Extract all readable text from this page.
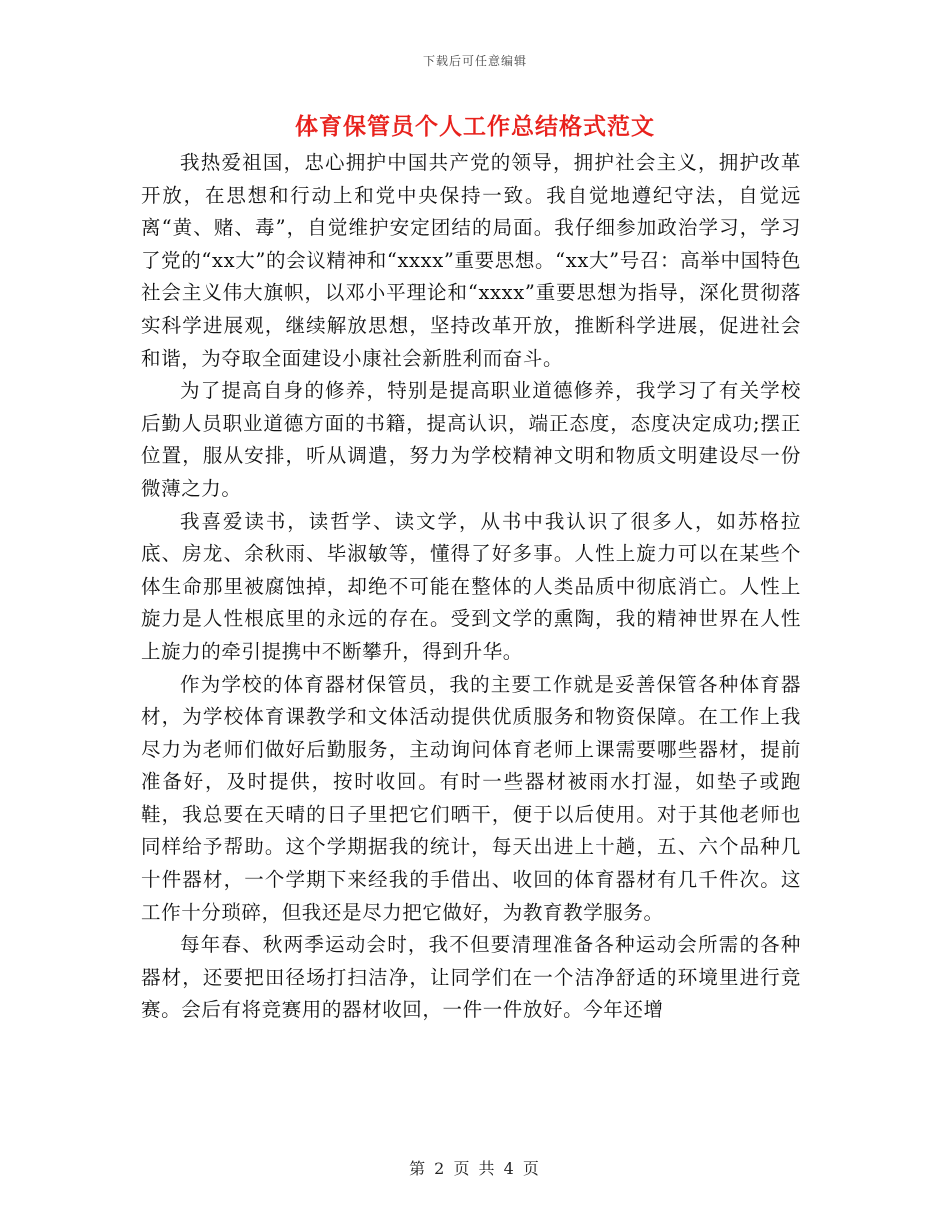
下载后可任意编辑
体育保管员个人工作总结格式范文

我热爱祖国，忠心拥护中国共产党的领导，拥护社会主义，拥护改革开放，在思想和行动上和党中央保持一致。我自觉地遵纪守法，自觉远离“黄、赌、毒”，自觉维护安定团结的局面。我仔细参加政治学习，学习了党的“xx大”的会议精神和“xxxx”重要思想。“xx大”号召：高举中国特色社会主义伟大旗帜，以邓小平理论和“xxxx”重要思想为指导，深化贯彻落实科学进展观，继续解放思想，坚持改革开放，推断科学进展，促进社会和谐，为夺取全面建设小康社会新胜利而奋斗。

为了提高自身的修养，特别是提高职业道德修养，我学习了有关学校后勤人员职业道德方面的书籍，提高认识，端正态度，态度决定成功;摆正位置，服从安排，听从调遣，努力为学校精神文明和物质文明建设尽一份微薄之力。

我喜爱读书，读哲学、读文学，从书中我认识了很多人，如苏格拉底、房龙、余秋雨、毕淑敏等，懂得了好多事。人性上旋力可以在某些个体生命那里被腐蚀掉，却绝不可能在整体的人类品质中彻底消亡。人性上旋力是人性根底里的永远的存在。受到文学的熏陶，我的精神世界在人性上旋力的牵引提携中不断攀升，得到升华。

作为学校的体育器材保管员，我的主要工作就是妥善保管各种体育器材，为学校体育课教学和文体活动提供优质服务和物资保障。在工作上我尽力为老师们做好后勤服务，主动询问体育老师上课需要哪些器材，提前准备好，及时提供，按时收回。有时一些器材被雨水打湿，如垫子或跑鞋，我总要在天晴的日子里把它们晒干，便于以后使用。对于其他老师也同样给予帮助。这个学期据我的统计，每天出进上十趟，五、六个品种几十件器材，一个学期下来经我的手借出、收回的体育器材有几千件次。这工作十分琐碎，但我还是尽力把它做好，为教育教学服务。

每年春、秋两季运动会时，我不但要清理准备各种运动会所需的各种器材，还要把田径场打扫洁净，让同学们在一个洁净舒适的环境里进行竞赛。会后有将竞赛用的器材收回，一件一件放好。今年还增

第 2 页 共 4 页
